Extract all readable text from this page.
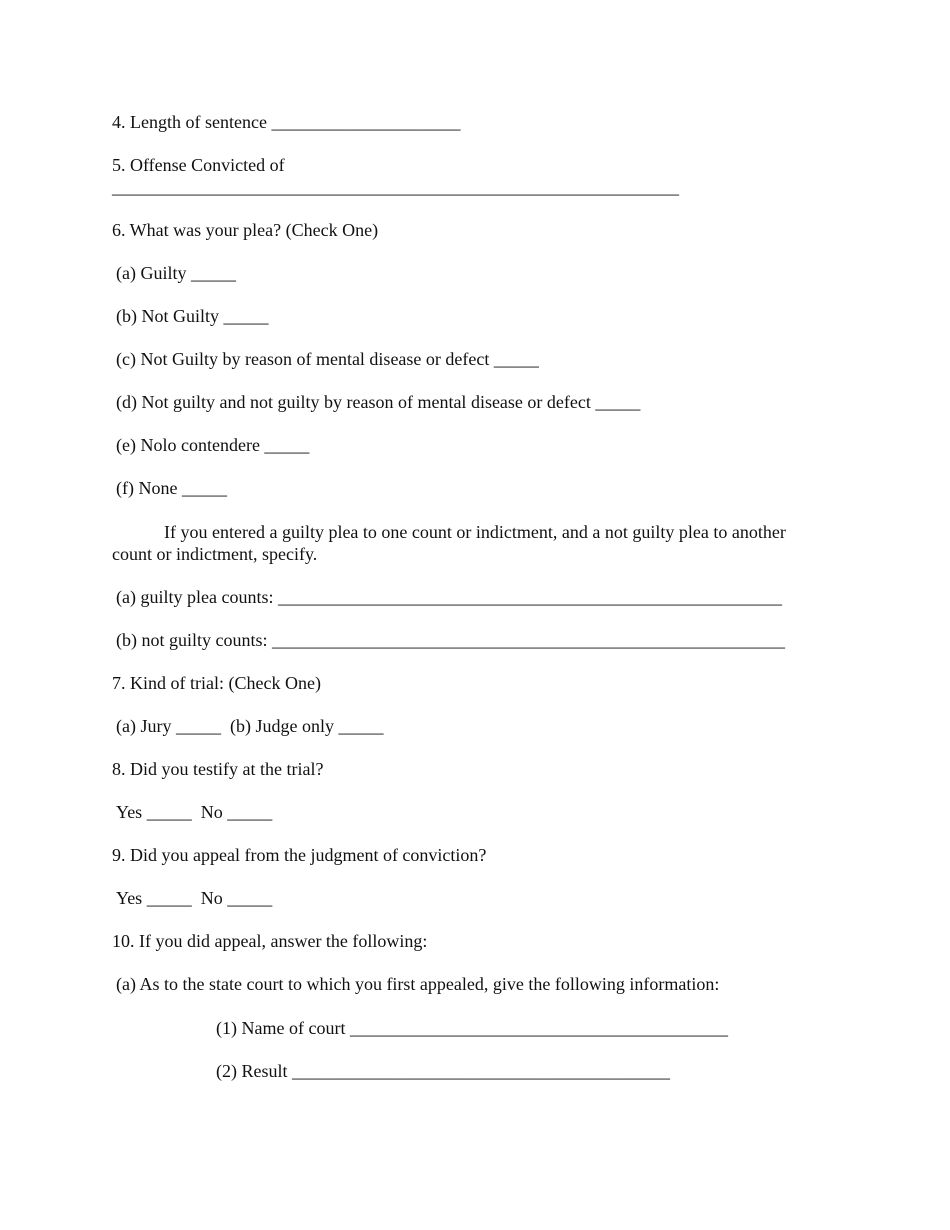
4. Length of sentence _____________________
5. Offense Convicted of
_______________________________________________________________
6. What was your plea? (Check One)
(a) Guilty _____
(b) Not Guilty _____
(c) Not Guilty by reason of mental disease or defect _____
(d) Not guilty and not guilty by reason of mental disease or defect _____
(e) Nolo contendere _____
(f) None _____
If you entered a guilty plea to one count or indictment, and a not guilty plea to another count or indictment, specify.
(a) guilty plea counts: ________________________________________________________
(b) not guilty counts: _________________________________________________________
7. Kind of trial: (Check One)
(a) Jury _____  (b) Judge only _____
8. Did you testify at the trial?
Yes _____  No _____
9. Did you appeal from the judgment of conviction?
Yes _____  No _____
10. If you did appeal, answer the following:
(a) As to the state court to which you first appealed, give the following information:
(1) Name of court __________________________________________
(2) Result __________________________________________
